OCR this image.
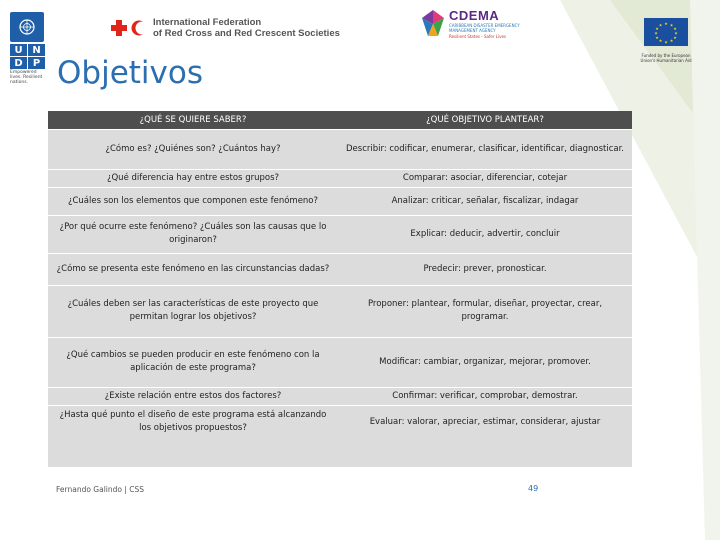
U N
D	P
Empowered lives. Resilient nations.
International Federation
of Red Cross and Red Crescent Societies
CDEMA
CARIBBEAN DISASTER EMERGENCY MANAGEMENT AGENCY
Resilient States - Safer Lives
★ ★
★
★
★
★
★
★
★
★
★
★
Funded by the European Union's Humanitarian Aid
Objetivos
¿QUÉ SE QUIERE SABER?	¿QUÉ OBJETIVO PLANTEAR?
¿Cómo es? ¿Quiénes son? ¿Cuántos hay?	Describir: codificar, enumerar, clasificar, identificar, diagnosticar.
¿Qué diferencia hay entre estos grupos?	Comparar: asociar, diferenciar, cotejar
¿Cuáles son los elementos que componen este fenómeno?	Analizar: criticar, señalar, fiscalizar, indagar
¿Por qué ocurre este fenómeno? ¿Cuáles son las causas que lo originaron?	Explicar: deducir, advertir, concluir
¿Cómo se presenta este fenómeno en las circunstancias dadas?	Predecir: prever, pronosticar.
¿Cuáles deben ser las características de este proyecto que permitan lograr los objetivos?	Proponer: plantear, formular, diseñar, proyectar, crear, programar.
¿Qué cambios se pueden producir en este fenómeno con la aplicación de este programa?	Modificar: cambiar, organizar, mejorar, promover.
¿Existe relación entre estos dos factores?	Confirmar: verificar, comprobar, demostrar.
¿Hasta qué punto el diseño de este programa está alcanzando los objetivos propuestos?	Evaluar: valorar, apreciar, estimar, considerar, ajustar
Fernando Galindo | CSS	49
